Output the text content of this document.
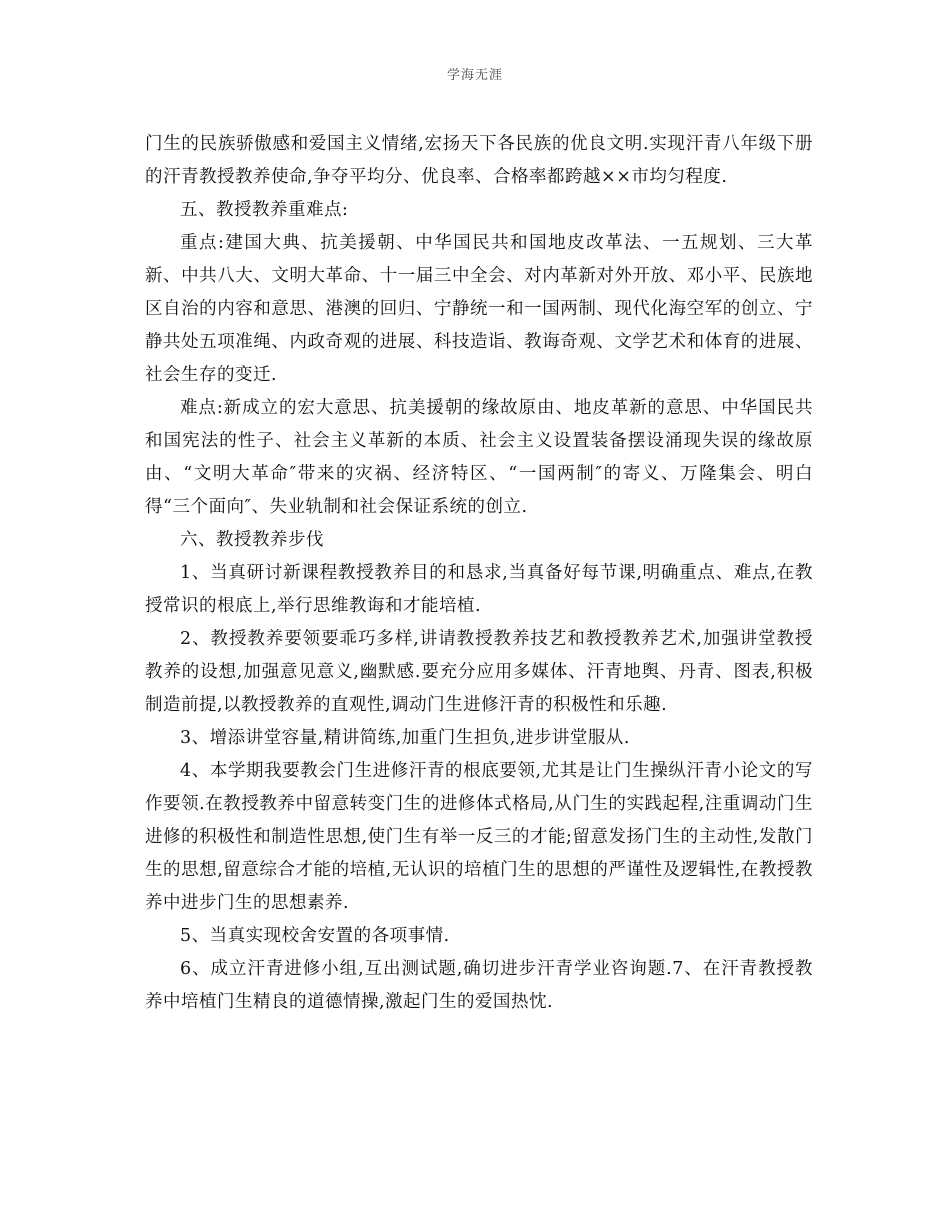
学海无涯

门生的民族骄傲感和爱国主义情绪,宏扬天下各民族的优良文明.实现汗青八年级下册的汗青教授教养使命,争夺平均分、优良率、合格率都跨越××市均匀程度.

五、教授教养重难点:

重点:建国大典、抗美援朝、中华国民共和国地皮改革法、一五规划、三大革新、中共八大、文明大革命、十一届三中全会、对内革新对外开放、邓小平、民族地区自治的内容和意思、港澳的回归、宁静统一和一国两制、现代化海空军的创立、宁静共处五项准绳、内政奇观的进展、科技造诣、教诲奇观、文学艺术和体育的进展、社会生存的变迁.

难点:新成立的宏大意思、抗美援朝的缘故原由、地皮革新的意思、中华国民共和国宪法的性子、社会主义革新的本质、社会主义设置装备摆设涌现失误的缘故原由、“文明大革命″带来的灾祸、经济特区、“一国两制″的寄义、万隆集会、明白得“三个面向″、失业轨制和社会保证系统的创立.

六、教授教养步伐

1、当真研讨新课程教授教养目的和恳求,当真备好每节课,明确重点、难点,在教授常识的根底上,举行思维教诲和才能培植.

2、教授教养要领要乖巧多样,讲请教授教养技艺和教授教养艺术,加强讲堂教授教养的设想,加强意见意义,幽默感.要充分应用多媒体、汗青地舆、丹青、图表,积极制造前提,以教授教养的直观性,调动门生进修汗青的积极性和乐趣.

3、增添讲堂容量,精讲简练,加重门生担负,进步讲堂服从.

4、本学期我要教会门生进修汗青的根底要领,尤其是让门生操纵汗青小论文的写作要领.在教授教养中留意转变门生的进修体式格局,从门生的实践起程,注重调动门生进修的积极性和制造性思想,使门生有举一反三的才能;留意发扬门生的主动性,发散门生的思想,留意综合才能的培植,无认识的培植门生的思想的严谨性及逻辑性,在教授教养中进步门生的思想素养.

5、当真实现校舍安置的各项事情.

6、成立汗青进修小组,互出测试题,确切进步汗青学业咨询题.7、在汗青教授教养中培植门生精良的道德情操,激起门生的爱国热忱.
